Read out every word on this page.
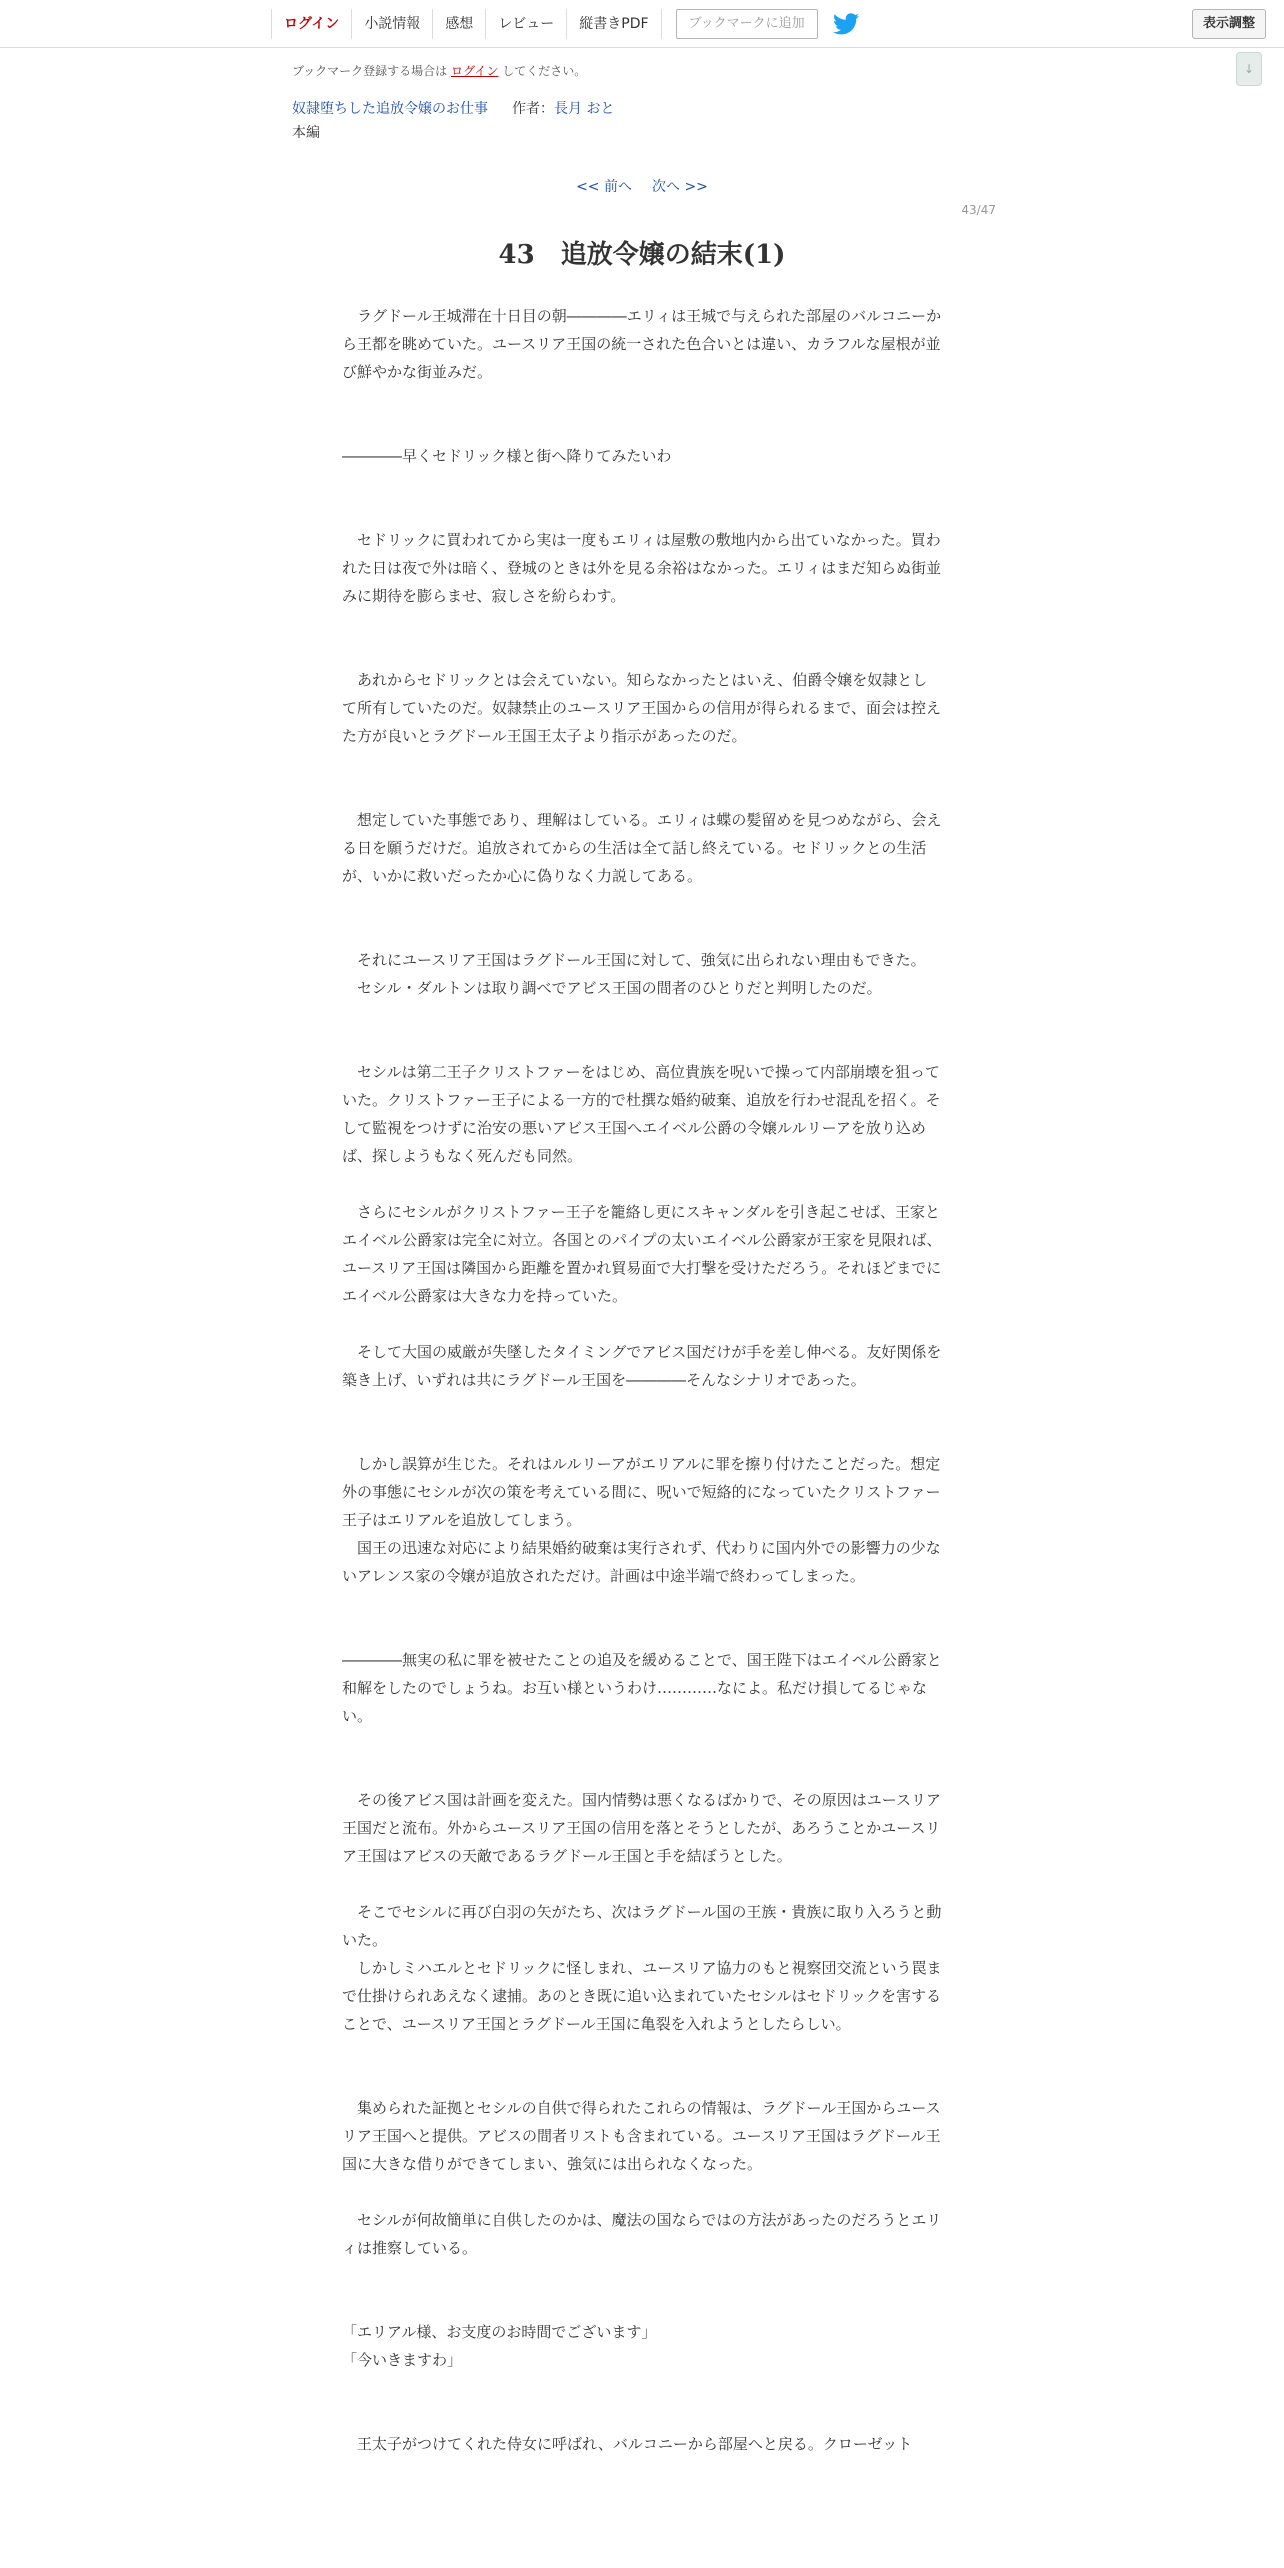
ログイン	小説情報	感想	レビュー	縦書きPDF	ブックマークに追加	表示調整
↓
ブックマーク登録する場合は ログイン してください。
奴隷堕ちした追放令嬢のお仕事 作者：長月 おと
本編
<< 前へ 次へ >>
43/47
43　追放令嬢の結末(1)

　ラグドール王城滞在十日目の朝――――エリィは王城で与えられた部屋のバルコニーから王都を眺めていた。ユースリア王国の統一された色合いとは違い、カラフルな屋根が並び鮮やかな街並みだ。

――――早くセドリック様と街へ降りてみたいわ

　セドリックに買われてから実は一度もエリィは屋敷の敷地内から出ていなかった。買われた日は夜で外は暗く、登城のときは外を見る余裕はなかった。エリィはまだ知らぬ街並みに期待を膨らませ、寂しさを紛らわす。

　あれからセドリックとは会えていない。知らなかったとはいえ、伯爵令嬢を奴隷として所有していたのだ。奴隷禁止のユースリア王国からの信用が得られるまで、面会は控えた方が良いとラグドール王国王太子より指示があったのだ。

　想定していた事態であり、理解はしている。エリィは蝶の髪留めを見つめながら、会える日を願うだけだ。追放されてからの生活は全て話し終えている。セドリックとの生活が、いかに救いだったか心に偽りなく力説してある。

　それにユースリア王国はラグドール王国に対して、強気に出られない理由もできた。

　セシル・ダルトンは取り調べでアビス王国の間者のひとりだと判明したのだ。

　セシルは第二王子クリストファーをはじめ、高位貴族を呪いで操って内部崩壊を狙っていた。クリストファー王子による一方的で杜撰な婚約破棄、追放を行わせ混乱を招く。そして監視をつけずに治安の悪いアビス王国へエイベル公爵の令嬢ルルリーアを放り込めば、探しようもなく死んだも同然。

　さらにセシルがクリストファー王子を籠絡し更にスキャンダルを引き起こせば、王家とエイベル公爵家は完全に対立。各国とのパイプの太いエイベル公爵家が王家を見限れば、ユースリア王国は隣国から距離を置かれ貿易面で大打撃を受けただろう。それほどまでにエイベル公爵家は大きな力を持っていた。

　そして大国の威厳が失墜したタイミングでアビス国だけが手を差し伸べる。友好関係を築き上げ、いずれは共にラグドール王国を――――そんなシナリオであった。

　しかし誤算が生じた。それはルルリーアがエリアルに罪を擦り付けたことだった。想定外の事態にセシルが次の策を考えている間に、呪いで短絡的になっていたクリストファー王子はエリアルを追放してしまう。

　国王の迅速な対応により結果婚約破棄は実行されず、代わりに国内外での影響力の少ないアレンス家の令嬢が追放されただけ。計画は中途半端で終わってしまった。

――――無実の私に罪を被せたことの追及を緩めることで、国王陛下はエイベル公爵家と和解をしたのでしょうね。お互い様というわけ…………なによ。私だけ損してるじゃない。

　その後アビス国は計画を変えた。国内情勢は悪くなるばかりで、その原因はユースリア王国だと流布。外からユースリア王国の信用を落とそうとしたが、あろうことかユースリア王国はアビスの天敵であるラグドール王国と手を結ぼうとした。

　そこでセシルに再び白羽の矢がたち、次はラグドール国の王族・貴族に取り入ろうと動いた。

　しかしミハエルとセドリックに怪しまれ、ユースリア協力のもと視察団交流という罠まで仕掛けられあえなく逮捕。あのとき既に追い込まれていたセシルはセドリックを害することで、ユースリア王国とラグドール王国に亀裂を入れようとしたらしい。

　集められた証拠とセシルの自供で得られたこれらの情報は、ラグドール王国からユースリア王国へと提供。アビスの間者リストも含まれている。ユースリア王国はラグドール王国に大きな借りができてしまい、強気には出られなくなった。

　セシルが何故簡単に自供したのかは、魔法の国ならではの方法があったのだろうとエリィは推察している。

「エリアル様、お支度のお時間でございます」

「今いきますわ」

　王太子がつけてくれた侍女に呼ばれ、バルコニーから部屋へと戻る。クローゼット
